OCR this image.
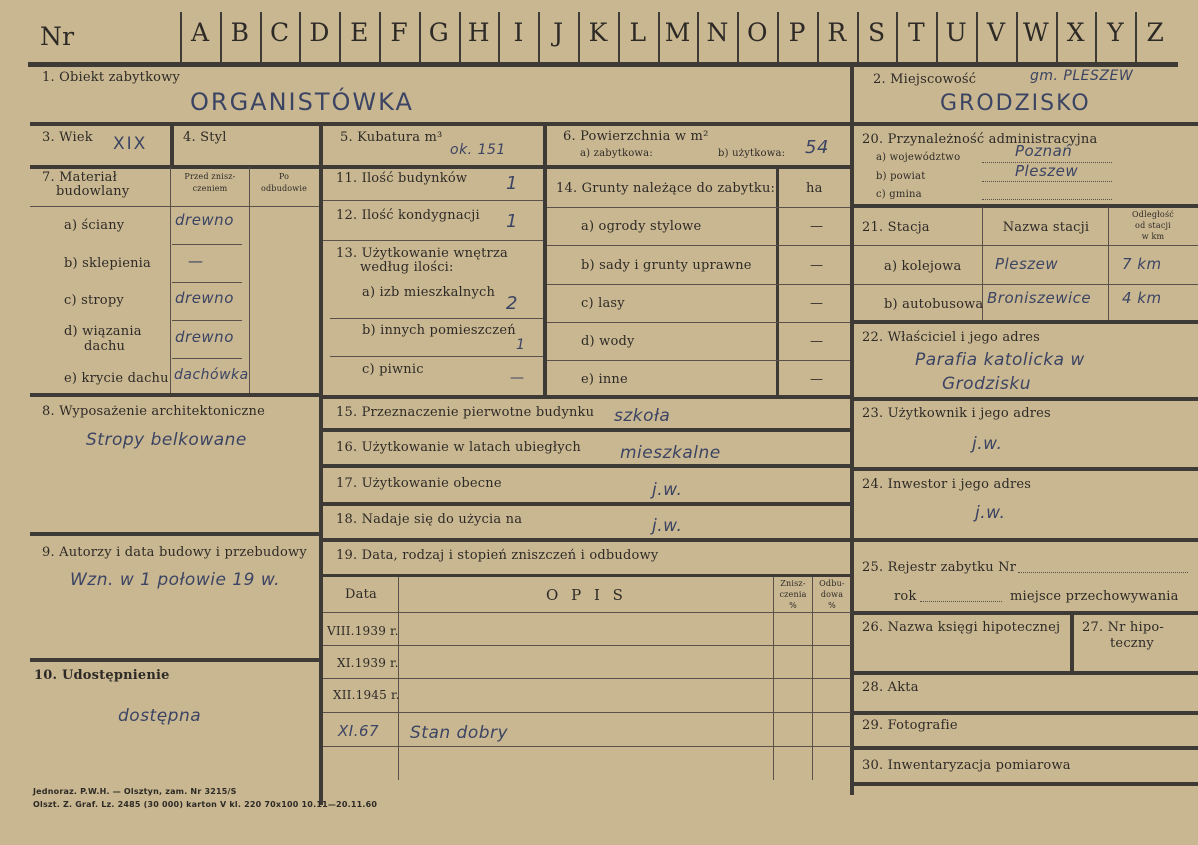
Nr	A B C D E F G H I	J	K L M N O P R S T U V W X Y Z
1. Obiekt zabytkowy
ORGANISTÓWKA
2. Miejscowość	gm. PLESZEW
GRODZISKO
3. Wiek XIX	4. Styl	5. Kubatura m³
ok. 151
6. Powierzchnia w m²
a) zabytkowa:	b) użytkowa: 54	20. Przynależność administracyjna
a) województwo	Poznań
b) powiat	Pleszew
c) gmina
7. Materiał
budowlany
Przed znisz-
czeniem
Po
odbudowie
a) ściany	drewno
b) sklepienia —
c) stropy	drewno
d) wiązania
dachu
drewno
e) krycie dachu dachówka
11. Ilość budynków 1
12. Ilość kondygnacji 1
13. Użytkowanie wnętrza
według ilości:
a) izb mieszkalnych
2
b) innych pomieszczeń
1
c) piwnic
—
14. Grunty należące do zabytku: ha
a) ogrody stylowe	—
b) sady i grunty uprawne	—
c) lasy	—
d) wody	—
e) inne	—
21. Stacja	Nazwa stacji
Odległość
od stacji
w km
a) kolejowa Pleszew	7 km
b) autobusowa Broniszewice 4 km
22. Właściciel i jego adres
Parafia katolicka w
Grodzisku
23. Użytkownik i jego adres
j.w.
24. Inwestor i jego adres
j.w.
25. Rejestr zabytku Nr
rok	miejsce przechowywania
26. Nazwa księgi hipotecznej 27. Nr hipo-
teczny
28. Akta
29. Fotografie
30. Inwentaryzacja pomiarowa
8. Wyposażenie architektoniczne
Stropy belkowane
9. Autorzy i data budowy i przebudowy
Wzn. w 1 połowie 19 w.
10. Udostępnienie
dostępna
15. Przeznaczenie pierwotne budynku szkoła
16. Użytkowanie w latach ubiegłych mieszkalne
17. Użytkowanie obecne	j.w.
18. Nadaje się do użycia na	j.w.
19. Data, rodzaj i stopień zniszczeń i odbudowy
Data	O P I S
Znisz-
czenia
%
Odbu-
dowa
%
VIII.1939 r.
XI.1939 r.
XII.1945 r.
XI.67 Stan dobry
Jednoraz. P.W.H. — Olsztyn, zam. Nr 3215/S
Olszt. Z. Graf. Lz. 2485 (30 000) karton V kl. 220 70x100 10.11—20.11.60
